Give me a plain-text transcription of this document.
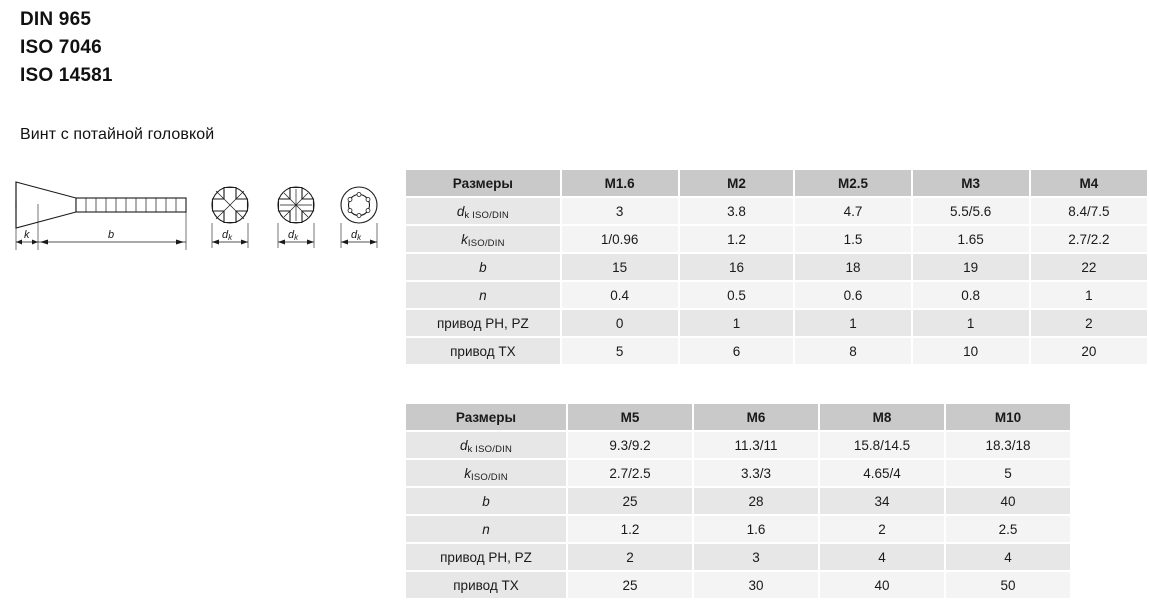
DIN 965
ISO 7046
ISO 14581
Винт с потайной головкой
k	b	dk	dk	dk
Размеры	M1.6	M2	M2.5	M3	M4
dk ISO/DIN	3	3.8	4.7	5.5/5.6	8.4/7.5
kISO/DIN	1/0.96	1.2	1.5	1.65	2.7/2.2
b	15	16	18	19	22
n	0.4	0.5	0.6	0.8	1
привод PH, PZ	0	1	1	1	2
привод TX	5	6	8	10	20
Размеры	M5	M6	M8	M10
dk ISO/DIN	9.3/9.2	11.3/11	15.8/14.5	18.3/18
kISO/DIN	2.7/2.5	3.3/3	4.65/4	5
b	25	28	34	40
n	1.2	1.6	2	2.5
привод PH, PZ	2	3	4	4
привод TX	25	30	40	50
